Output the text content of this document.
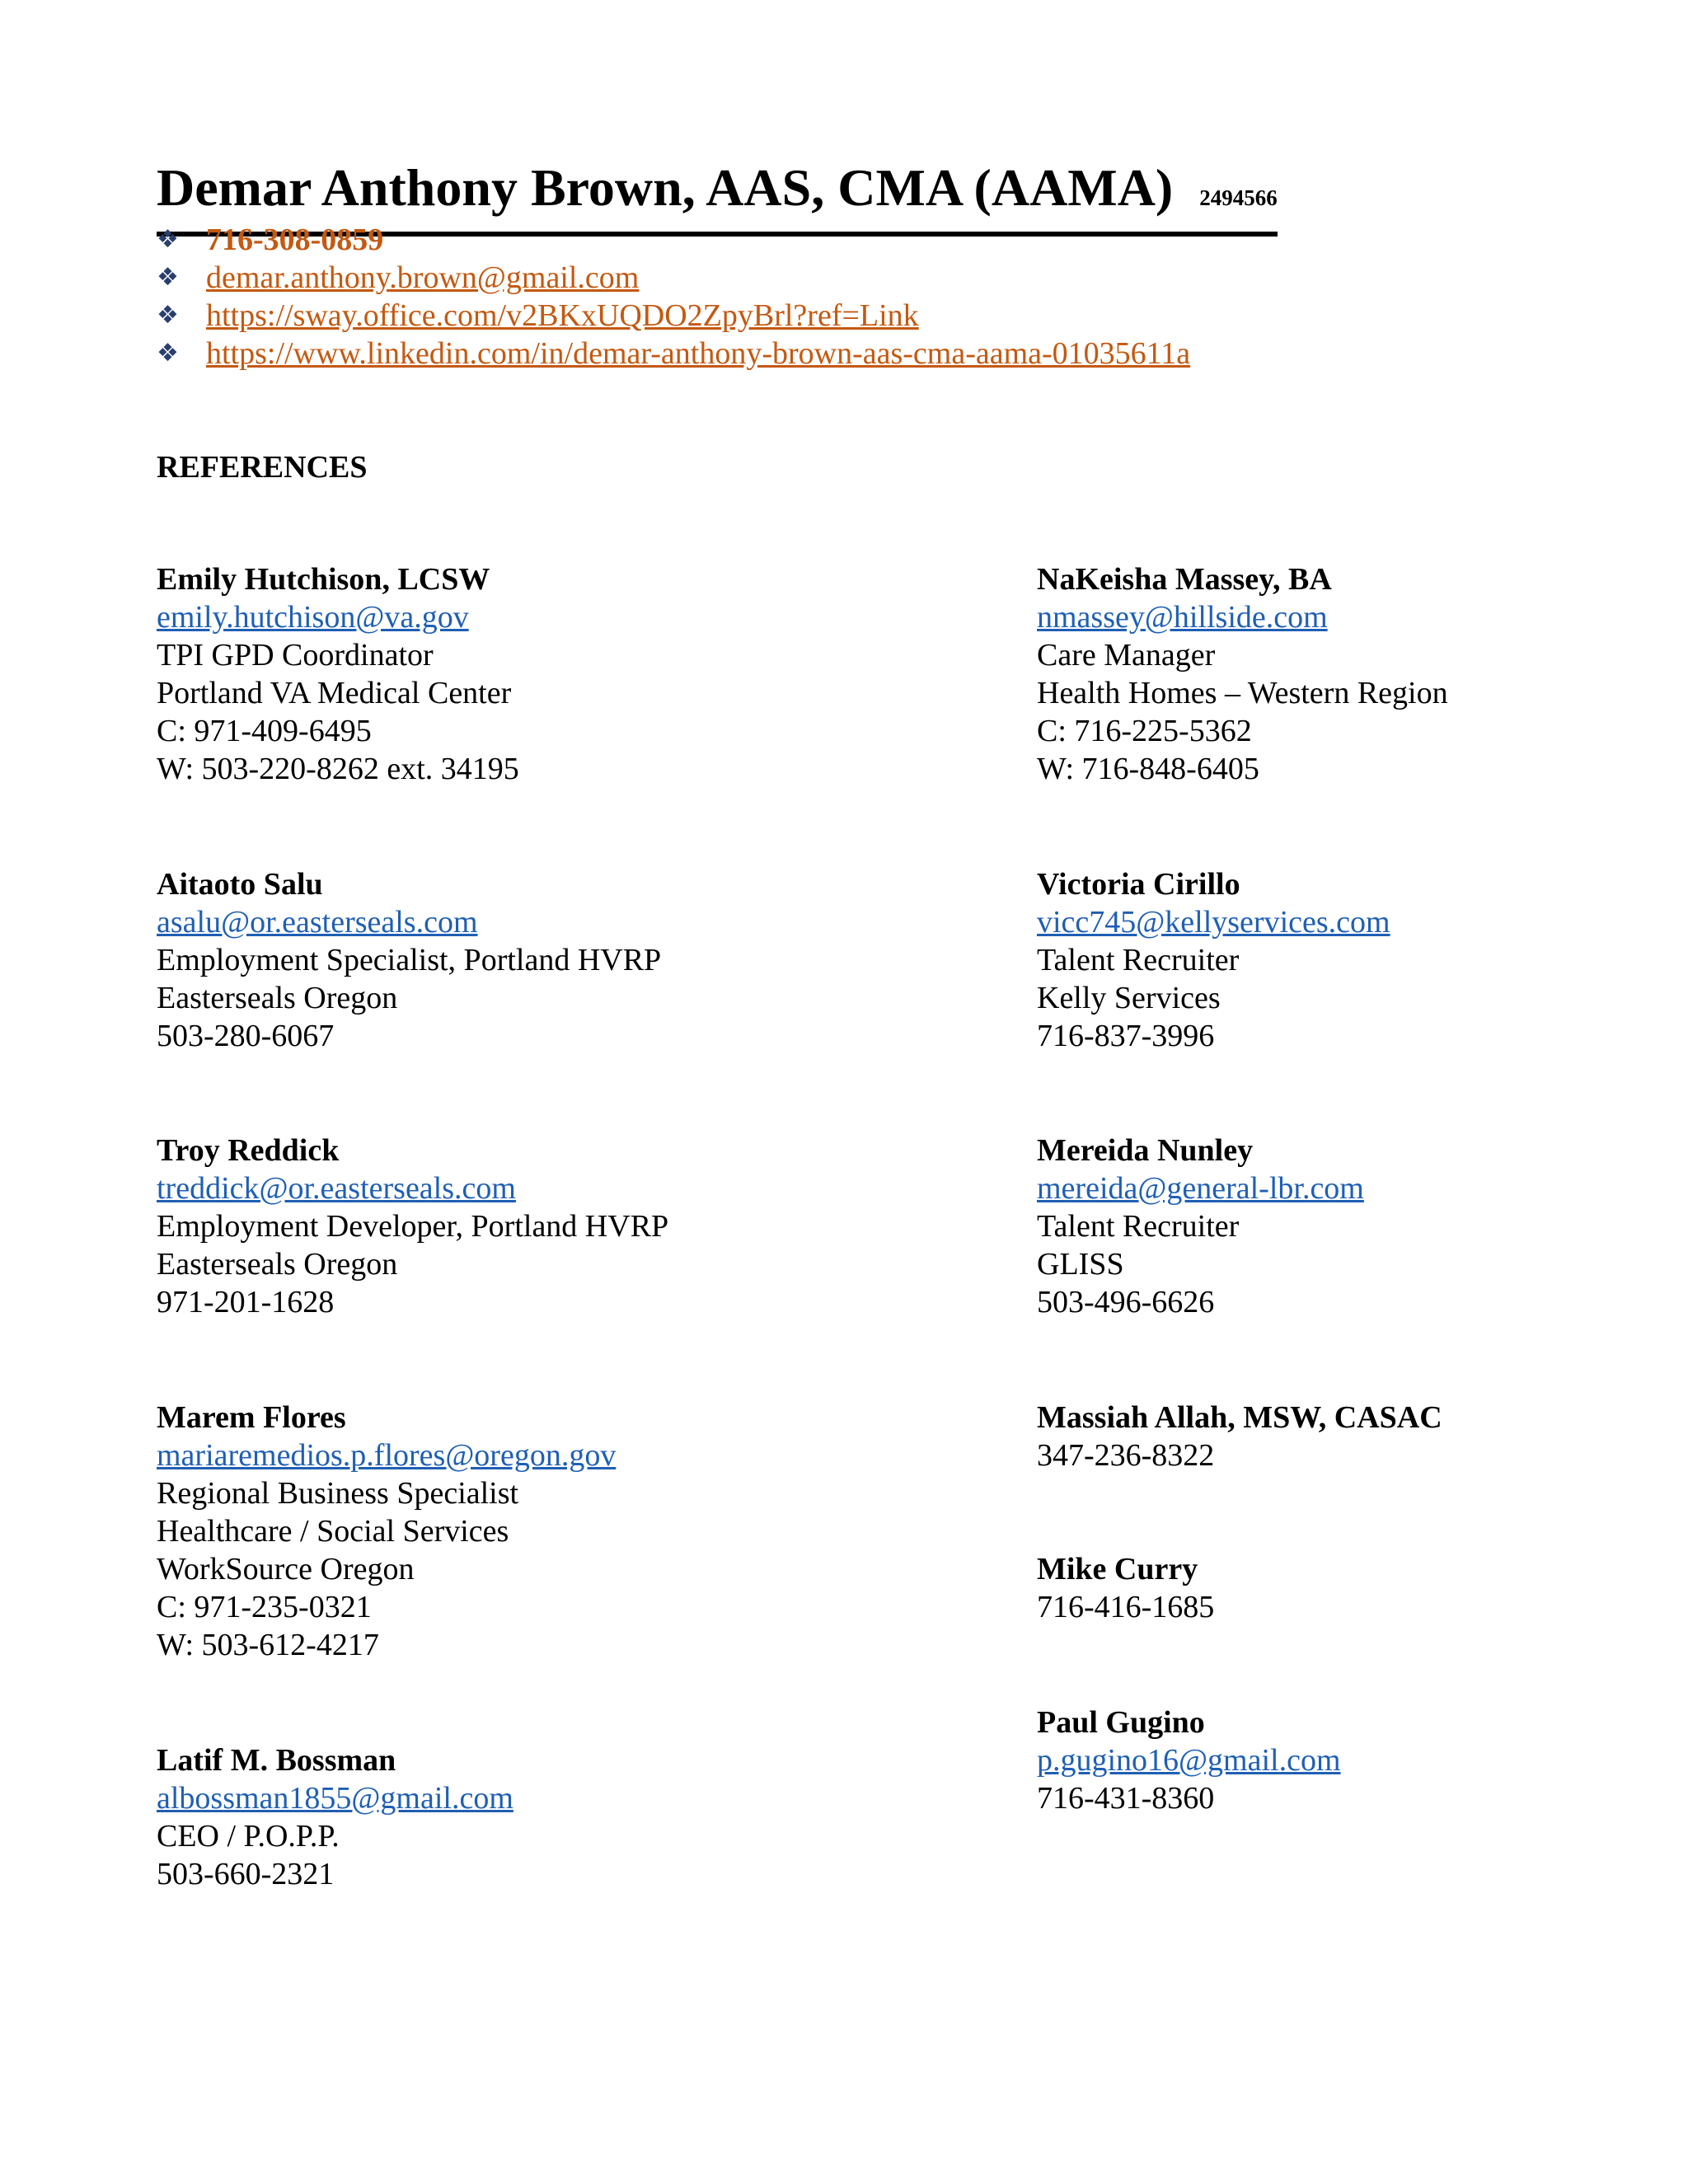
Demar Anthony Brown, AAS, CMA (AAMA) 2494566
❖ 716-308-0859
❖ demar.anthony.brown@gmail.com
❖ https://sway.office.com/v2BKxUQDO2ZpyBrl?ref=Link
❖ https://www.linkedin.com/in/demar-anthony-brown-aas-cma-aama-01035611a
REFERENCES
Emily Hutchison, LCSW
emily.hutchison@va.gov
TPI GPD Coordinator
Portland VA Medical Center
C: 971-409-6495
W: 503-220-8262 ext. 34195
Aitaoto Salu
asalu@or.easterseals.com
Employment Specialist, Portland HVRP
Easterseals Oregon
503-280-6067
Troy Reddick
treddick@or.easterseals.com
Employment Developer, Portland HVRP
Easterseals Oregon
971-201-1628
Marem Flores
mariaremedios.p.flores@oregon.gov
Regional Business Specialist
Healthcare / Social Services
WorkSource Oregon
C: 971-235-0321
W: 503-612-4217
Latif M. Bossman
albossman1855@gmail.com
CEO / P.O.P.P.
503-660-2321
NaKeisha Massey, BA
nmassey@hillside.com
Care Manager
Health Homes – Western Region
C: 716-225-5362
W: 716-848-6405
Victoria Cirillo
vicc745@kellyservices.com
Talent Recruiter
Kelly Services
716-837-3996
Mereida Nunley
mereida@general-lbr.com
Talent Recruiter
GLISS
503-496-6626
Massiah Allah, MSW, CASAC
347-236-8322
Mike Curry
716-416-1685
Paul Gugino
p.gugino16@gmail.com
716-431-8360
